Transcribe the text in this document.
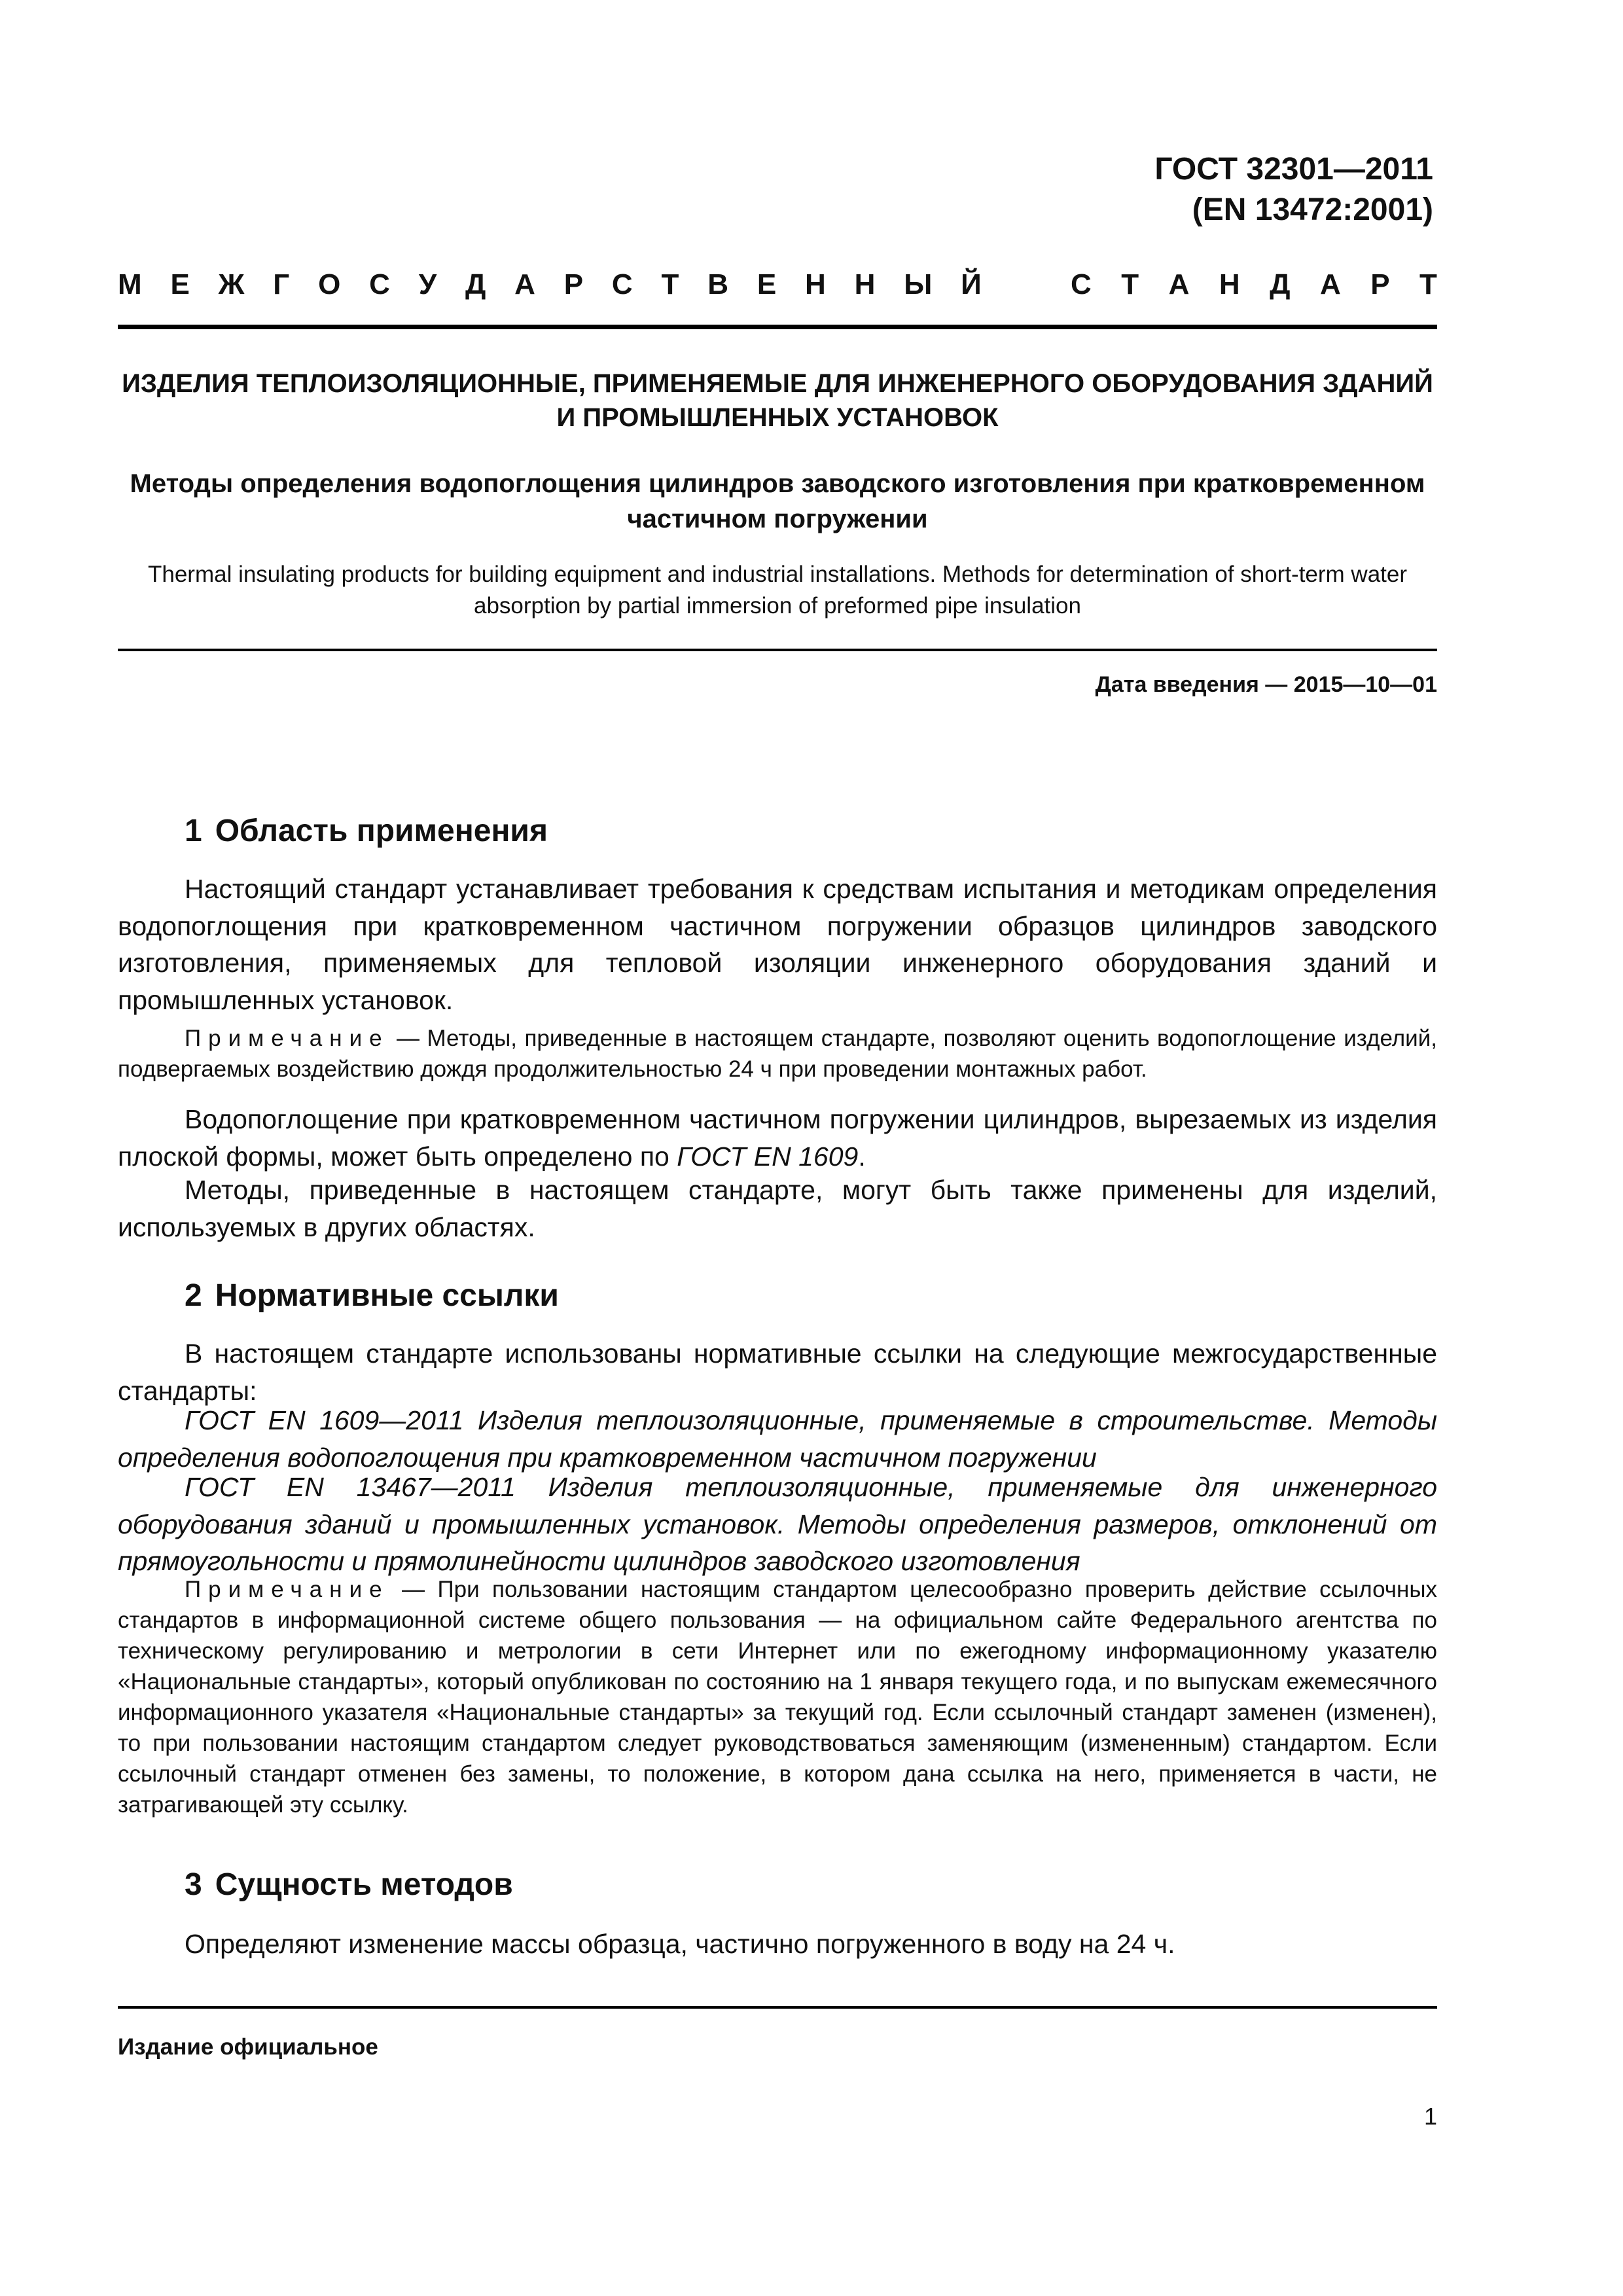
ГОСТ 32301—2011
(EN 13472:2001)
М Е Ж Г О С У Д А Р С Т В Е Н Н Ы Й	С Т А Н Д А Р Т
ИЗДЕЛИЯ ТЕПЛОИЗОЛЯЦИОННЫЕ, ПРИМЕНЯЕМЫЕ ДЛЯ ИНЖЕНЕРНОГО ОБОРУДОВАНИЯ ЗДАНИЙ И ПРОМЫШЛЕННЫХ УСТАНОВОК
Методы определения водопоглощения цилиндров заводского изготовления при кратковременном частичном погружении
Thermal insulating products for building equipment and industrial installations. Methods for determination of short-term water absorption by partial immersion of preformed pipe insulation
Дата введения — 2015—10—01
1 Область применения

Настоящий стандарт устанавливает требования к средствам испытания и методикам определения водопоглощения при кратковременном частичном погружении образцов цилиндров заводского изготовления, применяемых для тепловой изоляции инженерного оборудования зданий и промышленных установок.

Примечание — Методы, приведенные в настоящем стандарте, позволяют оценить водопоглощение изделий, подвергаемых воздействию дождя продолжительностью 24 ч при проведении монтажных работ.

Водопоглощение при кратковременном частичном погружении цилиндров, вырезаемых из изделия плоской формы, может быть определено по ГОСТ EN 1609.

Методы, приведенные в настоящем стандарте, могут быть также применены для изделий, используемых в других областях.

2 Нормативные ссылки

В настоящем стандарте использованы нормативные ссылки на следующие межгосударственные стандарты:

ГОСТ EN 1609—2011 Изделия теплоизоляционные, применяемые в строительстве. Методы определения водопоглощения при кратковременном частичном погружении

ГОСТ EN 13467—2011 Изделия теплоизоляционные, применяемые для инженерного оборудования зданий и промышленных установок. Методы определения размеров, отклонений от прямоугольности и прямолинейности цилиндров заводского изготовления

Примечание — При пользовании настоящим стандартом целесообразно проверить действие ссылочных стандартов в информационной системе общего пользования — на официальном сайте Федерального агентства по техническому регулированию и метрологии в сети Интернет или по ежегодному информационному указателю «Национальные стандарты», который опубликован по состоянию на 1 января текущего года, и по выпускам ежемесячного информационного указателя «Национальные стандарты» за текущий год. Если ссылочный стандарт заменен (изменен), то при пользовании настоящим стандартом следует руководствоваться заменяющим (измененным) стандартом. Если ссылочный стандарт отменен без замены, то положение, в котором дана ссылка на него, применяется в части, не затрагивающей эту ссылку.

3 Сущность методов

Определяют изменение массы образца, частично погруженного в воду на 24 ч.

Издание официальное
1
